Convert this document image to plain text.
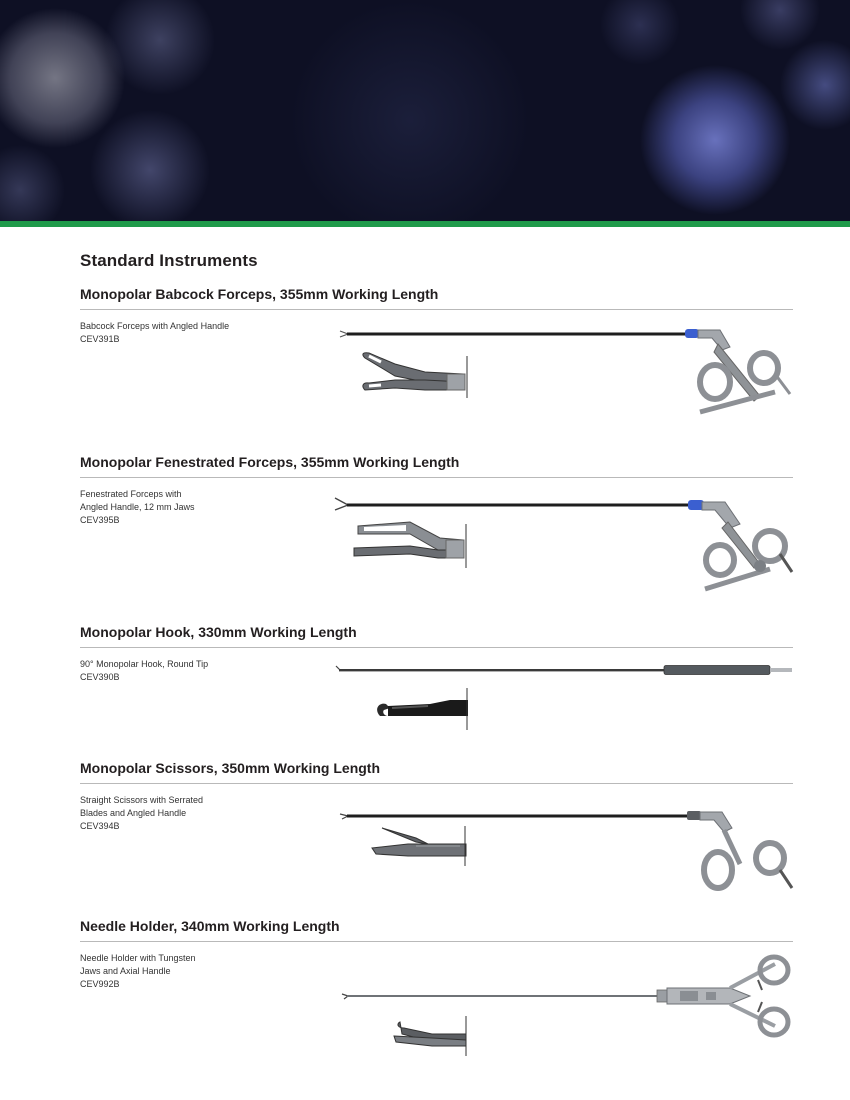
Standard Instruments
Monopolar Babcock Forceps, 355mm Working Length
Babcock Forceps with Angled Handle
CEV391B
Monopolar Fenestrated Forceps, 355mm Working Length
Fenestrated Forceps with
Angled Handle, 12 mm Jaws
CEV395B
Monopolar Hook, 330mm Working Length
90° Monopolar Hook, Round Tip
CEV390B
Monopolar Scissors, 350mm Working Length
Straight Scissors with Serrated
Blades and Angled Handle
CEV394B
Needle Holder, 340mm Working Length
Needle Holder with Tungsten
Jaws and Axial Handle
CEV992B
